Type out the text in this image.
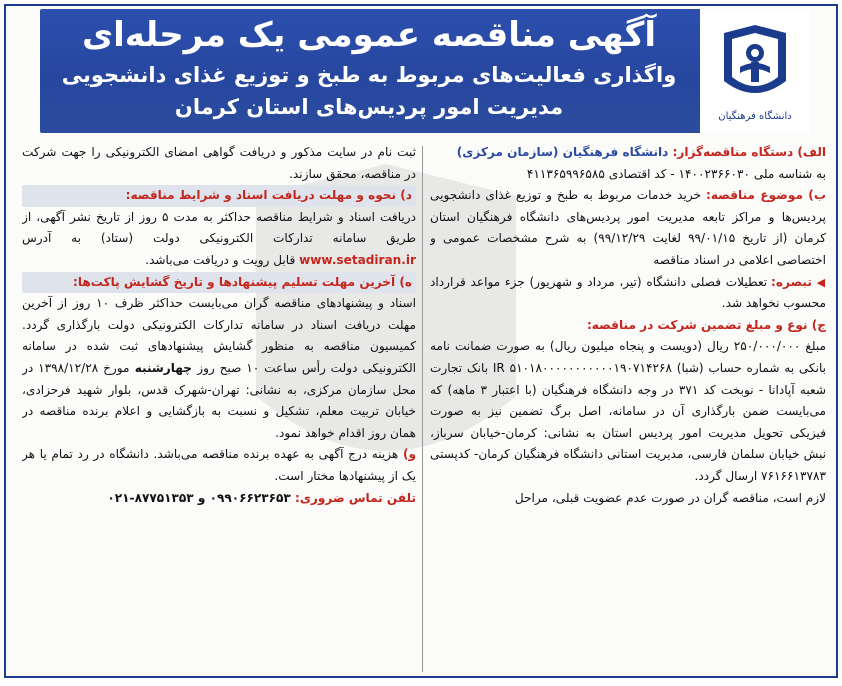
آگهی مناقصه عمومی یک مرحله‌ای
واگذاری فعالیت‌های مربوط به طبخ و توزیع غذای دانشجویی
مدیریت امور پردیس‌های استان کرمان	دانشگاه فرهنگیان

الف) دستگاه مناقصه‌گزار: دانشگاه فرهنگیان (سازمان مرکزی)

به شناسه ملی ۱۴۰۰۲۳۶۶۰۳۰ - کد اقتصادی ۴۱۱۳۶۵۹۹۶۵۸۵

ب) موضوع مناقصه: خرید خدمات مربوط به طبخ و توزیع غذای دانشجویی پردیس‌ها و مراکز تابعه مدیریت امور پردیس‌های دانشگاه فرهنگیان استان کرمان (از تاریخ ۹۹/۰۱/۱۵ لغایت ۹۹/۱۲/۲۹) به شرح مشخصات عمومی و اختصاصی اعلامی در اسناد مناقصه

◀ تبصره: تعطیلات فصلی دانشگاه (تیر، مرداد و شهریور) جزء مواعد قرارداد محسوب نخواهد شد.

ج) نوع و مبلغ تضمین شرکت در مناقصه:

مبلغ ۲۵۰/۰۰۰/۰۰۰ ریال (دویست و پنجاه میلیون ریال) به صورت ضمانت نامه بانکی به شماره حساب (شبا) IR ۵۱۰۱۸۰۰۰۰۰۰۰۰۰۰۰۱۹۰۷۱۴۲۶۸ بانک تجارت شعبه آپادانا - نوبخت کد ۳۷۱ در وجه دانشگاه فرهنگیان (با اعتبار ۳ ماهه) که می‌بایست ضمن بارگذاری آن در سامانه، اصل برگ تضمین نیز به صورت فیزیکی تحویل مدیریت امور پردیس استان به نشانی: کرمان-خیابان سرباز، نبش خیابان سلمان فارسی، مدیریت استانی دانشگاه فرهنگیان کرمان- کدپستی ۷۶۱۶۶۱۳۷۸۳ ارسال گردد.

لازم است، مناقصه گران در صورت عدم عضویت قبلی، مراحل

ثبت نام در سایت مذکور و دریافت گواهی امضای الکترونیکی را جهت شرکت در مناقصه، محقق سازند.

د) نحوه و مهلت دریافت اسناد و شرایط مناقصه:

دریافت اسناد و شرایط مناقصه حداکثر به مدت ۵ روز از تاریخ نشر آگهی، از طریق سامانه تدارکات الکترونیکی دولت (ستاد) به آدرس www.setadiran.ir قابل رویت و دریافت می‌باشد.

ه) آخرین مهلت تسلیم پیشنهادها و تاریخ گشایش پاکت‌ها:

اسناد و پیشنهادهای مناقصه گران می‌بایست حداکثر ظرف ۱۰ روز از آخرین مهلت دریافت اسناد در سامانه تدارکات الکترونیکی دولت بارگذاری گردد. کمیسیون مناقصه به منظور گشایش پیشنهادهای ثبت شده در سامانه الکترونیکی دولت رأس ساعت ۱۰ صبح روز چهارشنبه مورخ ۱۳۹۸/۱۲/۲۸ در محل سازمان مرکزی، به نشانی: تهران-شهرک قدس، بلوار شهید فرحزادی، خیابان تربیت معلم، تشکیل و نسبت به بازگشایی و اعلام برنده مناقصه در همان روز اقدام خواهد نمود.

و) هزینه درج آگهی به عهده برنده مناقصه می‌باشد. دانشگاه در رد تمام یا هر یک از پیشنهادها مختار است.

تلفن تماس ضروری: ۰۹۹۰۶۶۲۳۶۵۳ و ۸۷۷۵۱۳۵۳-۰۲۱
